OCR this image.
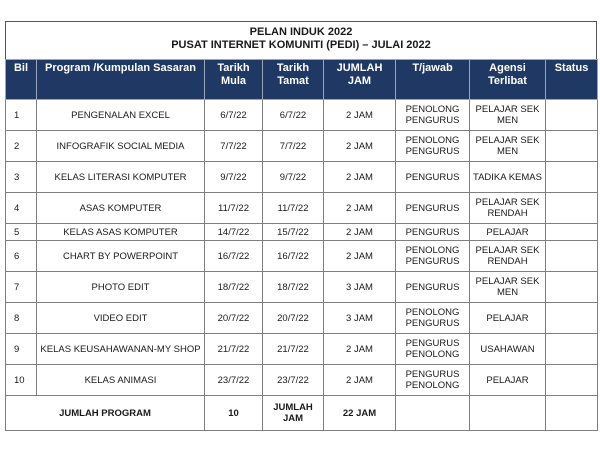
PELAN INDUK 2022
PUSAT INTERNET KOMUNITI (PEDI) – JULAI 2022
Bil	Program /Kumpulan Sasaran	Tarikh Mula	Tarikh Tamat	JUMLAH JAM	T/jawab	Agensi Terlibat	Status
1	PENGENALAN EXCEL	6/7/22	6/7/22	2 JAM	PENOLONG PENGURUS	PELAJAR SEK MEN	
2	INFOGRAFIK SOCIAL MEDIA	7/7/22	7/7/22	2 JAM	PENOLONG PENGURUS	PELAJAR SEK MEN	
3	KELAS LITERASI KOMPUTER	9/7/22	9/7/22	2 JAM	PENGURUS	TADIKA KEMAS	
4	ASAS KOMPUTER	11/7/22	11/7/22	2 JAM	PENGURUS	PELAJAR SEK RENDAH	
5	KELAS ASAS KOMPUTER	14/7/22	15/7/22	2 JAM	PENGURUS	PELAJAR	
6	CHART BY POWERPOINT	16/7/22	16/7/22	2 JAM	PENOLONG PENGURUS	PELAJAR SEK RENDAH	
7	PHOTO EDIT	18/7/22	18/7/22	3 JAM	PENGURUS	PELAJAR SEK MEN	
8	VIDEO EDIT	20/7/22	20/7/22	3 JAM	PENOLONG PENGURUS	PELAJAR	
9	KELAS KEUSAHAWANAN-MY SHOP	21/7/22	21/7/22	2 JAM	PENGURUS PENOLONG	USAHAWAN	
10	KELAS ANIMASI	23/7/22	23/7/22	2 JAM	PENGURUS PENOLONG	PELAJAR	
JUMLAH PROGRAM		10	JUMLAH JAM	22 JAM			
